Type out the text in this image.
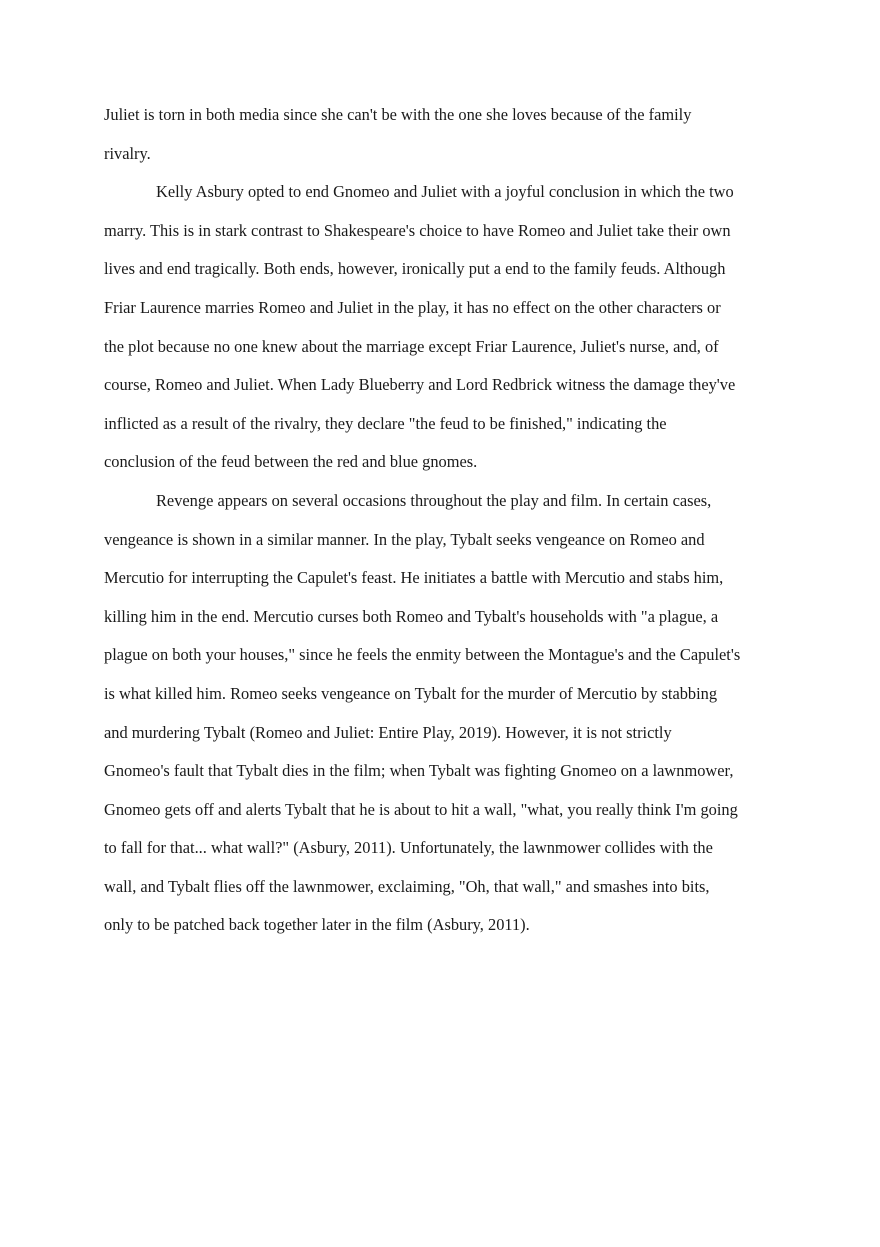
Juliet is torn in both media since she can't be with the one she loves because of the family
rivalry.

Kelly Asbury opted to end Gnomeo and Juliet with a joyful conclusion in which the two
marry. This is in stark contrast to Shakespeare's choice to have Romeo and Juliet take their own
lives and end tragically. Both ends, however, ironically put a end to the family feuds. Although
Friar Laurence marries Romeo and Juliet in the play, it has no effect on the other characters or
the plot because no one knew about the marriage except Friar Laurence, Juliet's nurse, and, of
course, Romeo and Juliet. When Lady Blueberry and Lord Redbrick witness the damage they've
inflicted as a result of the rivalry, they declare "the feud to be finished," indicating the
conclusion of the feud between the red and blue gnomes.

Revenge appears on several occasions throughout the play and film. In certain cases,
vengeance is shown in a similar manner. In the play, Tybalt seeks vengeance on Romeo and
Mercutio for interrupting the Capulet's feast. He initiates a battle with Mercutio and stabs him,
killing him in the end. Mercutio curses both Romeo and Tybalt's households with "a plague, a
plague on both your houses," since he feels the enmity between the Montague's and the Capulet's
is what killed him. Romeo seeks vengeance on Tybalt for the murder of Mercutio by stabbing
and murdering Tybalt (Romeo and Juliet: Entire Play, 2019). However, it is not strictly
Gnomeo's fault that Tybalt dies in the film; when Tybalt was fighting Gnomeo on a lawnmower,
Gnomeo gets off and alerts Tybalt that he is about to hit a wall, "what, you really think I'm going
to fall for that... what wall?" (Asbury, 2011). Unfortunately, the lawnmower collides with the
wall, and Tybalt flies off the lawnmower, exclaiming, "Oh, that wall," and smashes into bits,
only to be patched back together later in the film (Asbury, 2011).
